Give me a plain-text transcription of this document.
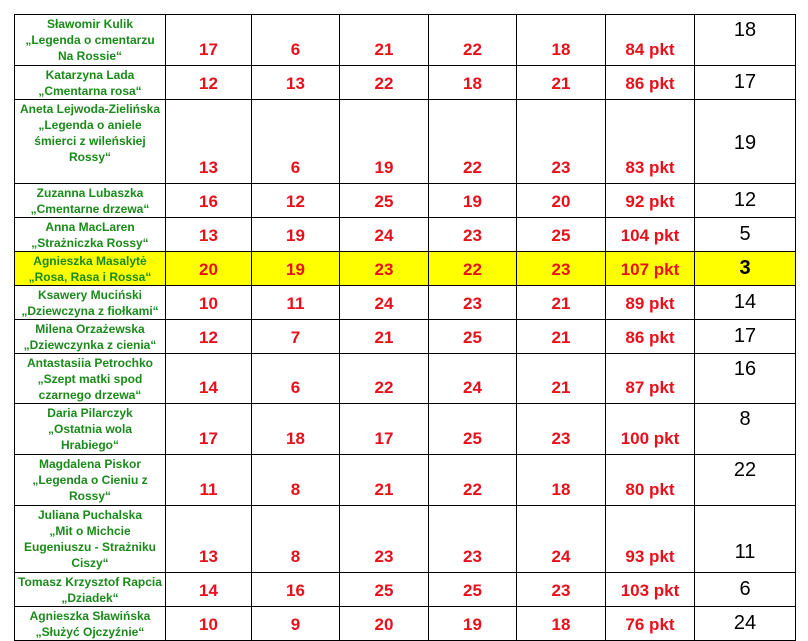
Sławomir Kulik
„Legenda o cmentarzu Na Rossie“	17	6	21	22	18	84 pkt	18

Katarzyna Lada
„Cmentarna rosa“	12	13	22	18	21	86 pkt	17

Aneta Lejwoda-Zielińska
„Legenda o aniele śmierci z wileńskiej Rossy“	13	6	19	22	23	83 pkt	19

Zuzanna Lubaszka
„Cmentarne drzewa“	16	12	25	19	20	92 pkt	12

Anna MacLaren
„Strażniczka Rossy“	13	19	24	23	25	104 pkt	5

Agnieszka Masalytė
„Rosa, Rasa i Rossa“	20	19	23	22	23	107 pkt	3

Ksawery Muciński
„Dziewczyna z fiołkami“	10	11	24	23	21	89 pkt	14

Milena Orzażewska
„Dziewczynka z cienia“	12	7	21	25	21	86 pkt	17

Antastasiia Petrochko
„Szept matki spod czarnego drzewa“	14	6	22	24	21	87 pkt	16

Daria Pilarczyk
„Ostatnia wola Hrabiego“	17	18	17	25	23	100 pkt	8

Magdalena Piskor
„Legenda o Cieniu z Rossy“	11	8	21	22	18	80 pkt	22

Juliana Puchalska
„Mit o Michcie Eugeniuszu - Strażniku Ciszy“	13	8	23	23	24	93 pkt	11

Tomasz Krzysztof Rapcia
„Dziadek“	14	16	25	25	23	103 pkt	6

Agnieszka Sławińska
„Służyć Ojczyźnie“	10	9	20	19	18	76 pkt	24
